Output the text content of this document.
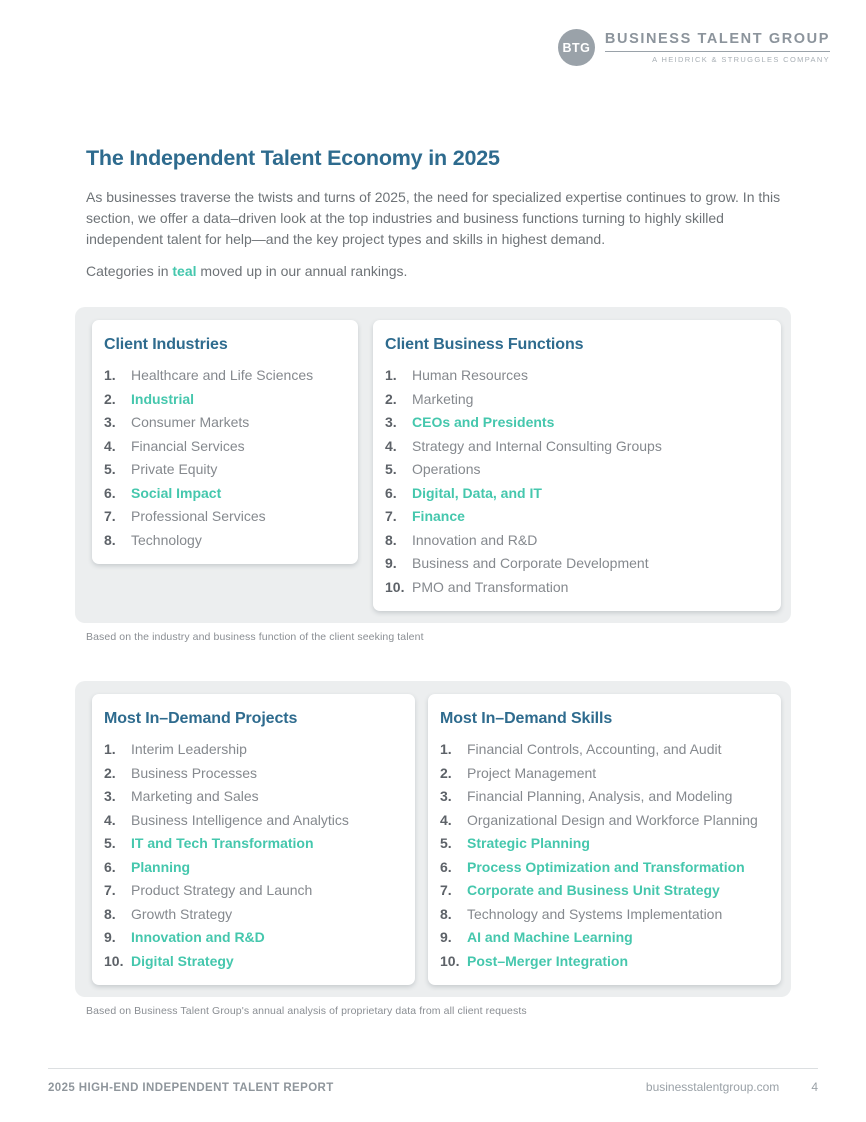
BTG
BUSINESS TALENT GROUP
A HEIDRICK & STRUGGLES COMPANY
The Independent Talent Economy in 2025

As businesses traverse the twists and turns of 2025, the need for specialized expertise continues to grow. In this section, we offer a data–driven look at the top industries and business functions turning to highly skilled independent talent for help—and the key project types and skills in highest demand.

Categories in teal moved up in our annual rankings.

Client Industries
1.	Healthcare and Life Sciences
2.	Industrial
3.	Consumer Markets
4.	Financial Services
5.	Private Equity
6.	Social Impact
7.	Professional Services
8.	Technology
Client Business Functions
1.	Human Resources
2.	Marketing
3.	CEOs and Presidents
4.	Strategy and Internal Consulting Groups
5.	Operations
6.	Digital, Data, and IT
7.	Finance
8.	Innovation and R&D
9.	Business and Corporate Development
10. PMO and Transformation

Based on the industry and business function of the client seeking talent

Most In–Demand Projects
1.	Interim Leadership
2.	Business Processes
3.	Marketing and Sales
4.	Business Intelligence and Analytics
5.	IT and Tech Transformation
6.	Planning
7.	Product Strategy and Launch
8.	Growth Strategy
9.	Innovation and R&D
10. Digital Strategy
Most In–Demand Skills
1.	Financial Controls, Accounting, and Audit
2.	Project Management
3.	Financial Planning, Analysis, and Modeling
4.	Organizational Design and Workforce Planning
5.	Strategic Planning
6.	Process Optimization and Transformation
7.	Corporate and Business Unit Strategy
8.	Technology and Systems Implementation
9.	AI and Machine Learning
10. Post–Merger Integration

Based on Business Talent Group's annual analysis of proprietary data from all client requests

2025 HIGH-END INDEPENDENT TALENT REPORT	businesstalentgroup.com	4
